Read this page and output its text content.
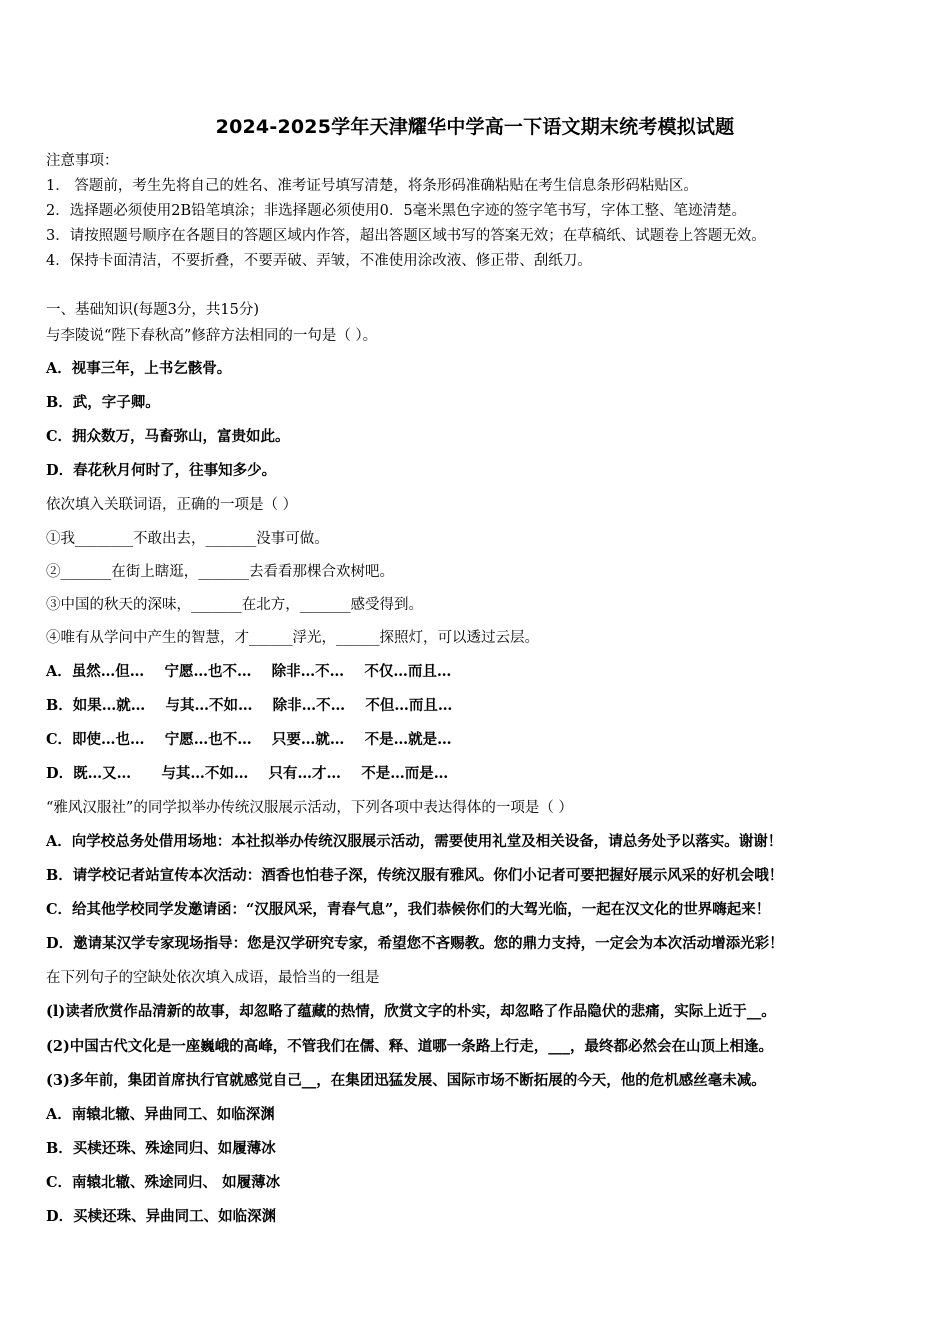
2024-2025学年天津耀华中学高一下语文期末统考模拟试题
注意事项：
1． 答题前，考生先将自己的姓名、准考证号填写清楚，将条形码准确粘贴在考生信息条形码粘贴区。
2．选择题必须使用2B铅笔填涂；非选择题必须使用0．5毫米黑色字迹的签字笔书写，字体工整、笔迹清楚。
3．请按照题号顺序在各题目的答题区域内作答，超出答题区域书写的答案无效；在草稿纸、试题卷上答题无效。
4．保持卡面清洁，不要折叠，不要弄破、弄皱，不准使用涂改液、修正带、刮纸刀。
一、基础知识(每题3分，共15分)
与李陵说“陛下春秋高”修辞方法相同的一句是（ ）。
A．视事三年，上书乞骸骨。
B．武，字子卿。
C．拥众数万，马畜弥山，富贵如此。
D．春花秋月何时了，往事知多少。
依次填入关联词语，正确的一项是（ ）
①我________不敢出去，_______没事可做。
②_______在街上瞎逛，_______去看看那棵合欢树吧。
③中国的秋天的深味，_______在北方，_______感受得到。
④唯有从学问中产生的智慧，才______浮光，______探照灯，可以透过云层。
A．虽然…但…    宁愿…也不…    除非…不…    不仅…而且…
B．如果…就…    与其…不如…    除非…不…    不但…而且…
C．即使…也…    宁愿…也不…    只要…就…    不是…就是…
D．既…又…      与其…不如…    只有…才…    不是…而是…
“雅风汉服社”的同学拟举办传统汉服展示活动，下列各项中表达得体的一项是（ ）
A．向学校总务处借用场地：本社拟举办传统汉服展示活动，需要使用礼堂及相关设备，请总务处予以落实。谢谢！
B．请学校记者站宣传本次活动：酒香也怕巷子深，传统汉服有雅风。你们小记者可要把握好展示风采的好机会哦！
C．给其他学校同学发邀请函：“汉服风采，青春气息”，我们恭候你们的大驾光临，一起在汉文化的世界嗨起来！
D．邀请某汉学专家现场指导：您是汉学研究专家，希望您不吝赐教。您的鼎力支持，一定会为本次活动增添光彩！
在下列句子的空缺处依次填入成语，最恰当的一组是
(l)读者欣赏作品清新的故事，却忽略了蕴藏的热情，欣赏文字的朴实，却忽略了作品隐伏的悲痛，实际上近于__。
(2)中国古代文化是一座巍峨的高峰，不管我们在儒、释、道哪一条路上行走，___，最终都必然会在山顶上相逢。
(3)多年前，集团首席执行官就感觉自己__，在集团迅猛发展、国际市场不断拓展的今天，他的危机感丝毫未减。
A．南辕北辙、异曲同工、如临深渊
B．买椟还珠、殊途同归、如履薄冰
C．南辕北辙、殊途同归、 如履薄冰
D．买椟还珠、异曲同工、如临深渊
